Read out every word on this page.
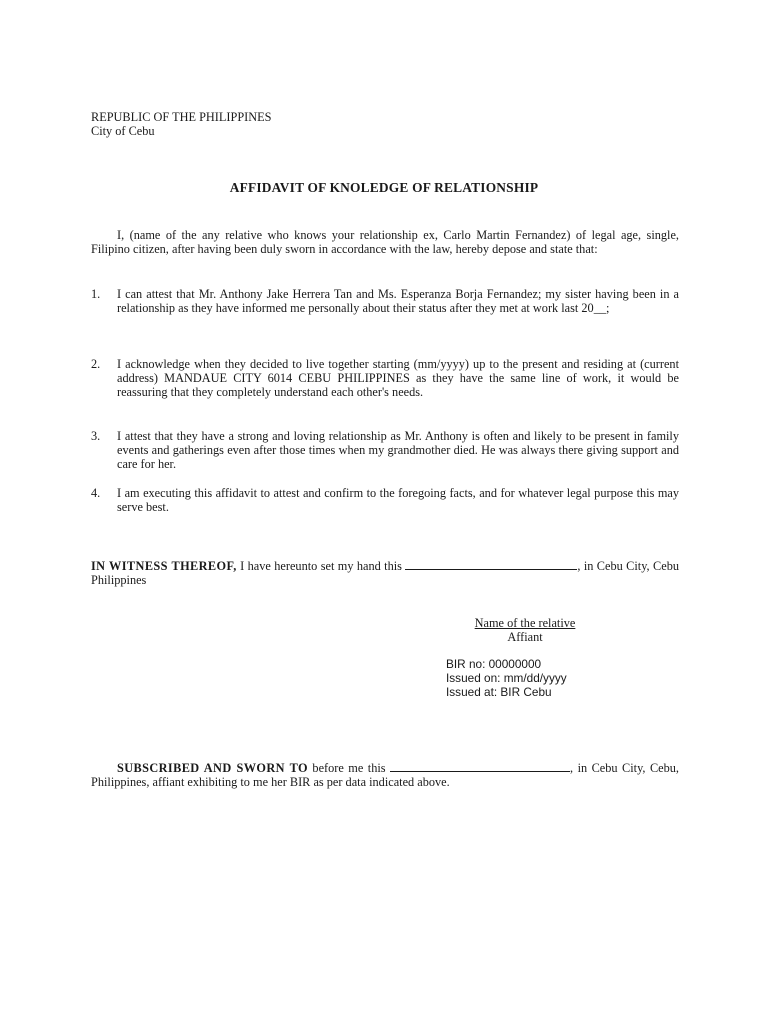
REPUBLIC OF THE PHILIPPINES
City of Cebu
AFFIDAVIT OF KNOLEDGE OF RELATIONSHIP
I, (name of the any relative who knows your relationship ex, Carlo Martin Fernandez) of legal age, single, Filipino citizen, after having been duly sworn in accordance with the law, hereby depose and state that:
1.	I can attest that Mr. Anthony Jake Herrera Tan and Ms. Esperanza Borja Fernandez; my sister having been in a relationship as they have informed me personally about their status after they met at work last 20__;
2.	I acknowledge when they decided to live together starting (mm/yyyy) up to the present and residing at (current address) MANDAUE CITY 6014 CEBU PHILIPPINES as they have the same line of work, it would be reassuring that they completely understand each other's needs.
3.	I attest that they have a strong and loving relationship as Mr. Anthony is often and likely to be present in family events and gatherings even after those times when my grandmother died. He was always there giving support and care for her.
4.	I am executing this affidavit to attest and confirm to the foregoing facts, and for whatever legal purpose this may serve best.
IN WITNESS THEREOF, I have hereunto set my hand this	, in Cebu City, Cebu Philippines
Name of the relative
Affiant
BIR no: 00000000
Issued on: mm/dd/yyyy
Issued at: BIR Cebu
SUBSCRIBED AND SWORN TO before me this	, in Cebu City, Cebu, Philippines, affiant exhibiting to me her BIR as per data indicated above.
